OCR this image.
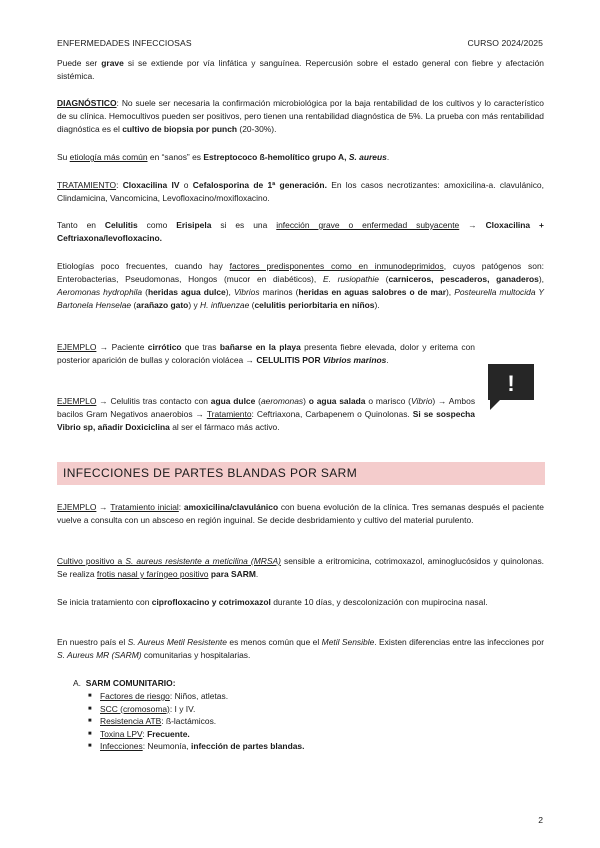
ENFERMEDADES INFECCIOSAS	CURSO 2024/2025
Puede ser grave si se extiende por vía linfática y sanguínea. Repercusión sobre el estado general con fiebre y afectación sistémica.
DIAGNÓSTICO: No suele ser necesaria la confirmación microbiológica por la baja rentabilidad de los cultivos y lo característico de su clínica. Hemocultivos pueden ser positivos, pero tienen una rentabilidad diagnóstica de 5%. La prueba con más rentabilidad diagnóstica es el cultivo de biopsia por punch (20-30%).
Su etiología más común en “sanos” es Estreptococo ß-hemolítico grupo A, S. aureus.
TRATAMIENTO: Cloxacilina IV o Cefalosporina de 1ª generación. En los casos necrotizantes: amoxicilina-a. clavulánico, Clindamicina, Vancomicina, Levofloxacino/moxifloxacino.
Tanto en Celulitis como Erisipela si es una infección grave o enfermedad subyacente → Cloxacilina + Ceftriaxona/levofloxacino.
Etiologías poco frecuentes, cuando hay factores predisponentes como en inmunodeprimidos, cuyos patógenos son: Enterobacterias, Pseudomonas, Hongos (mucor en diabéticos), E. rusiopathie (carniceros, pescaderos, ganaderos), Aeromonas hydrophila (heridas agua dulce), Vibrios marinos (heridas en aguas salobres o de mar), Posteurella multocida Y Bartonela Henselae (arañazo gato) y H. influenzae (celulitis periorbitaria en niños).
EJEMPLO → Paciente cirrótico que tras bañarse en la playa presenta fiebre elevada, dolor y eritema con posterior aparición de bullas y coloración violácea → CELULITIS POR Vibrios marinos.
EJEMPLO → Celulitis tras contacto con agua dulce (aeromonas) o agua salada o marisco (Vibrio) → Ambos bacilos Gram Negativos anaerobios → Tratamiento: Ceftriaxona, Carbapenem o Quinolonas. Si se sospecha Vibrio sp, añadir Doxiciclina al ser el fármaco más activo.
!
INFECCIONES DE PARTES BLANDAS POR SARM
EJEMPLO → Tratamiento inicial: amoxicilina/clavulánico con buena evolución de la clínica. Tres semanas después el paciente vuelve a consulta con un absceso en región inguinal. Se decide desbridamiento y cultivo del material purulento.
Cultivo positivo a S. aureus resistente a meticilina (MRSA) sensible a eritromicina, cotrimoxazol, aminoglucósidos y quinolonas. Se realiza frotis nasal y faríngeo positivo para SARM.
Se inicia tratamiento con ciprofloxacino y cotrimoxazol durante 10 días, y descolonización con mupirocina nasal.
En nuestro país el S. Aureus Metil Resistente es menos común que el Metil Sensible. Existen diferencias entre las infecciones por S. Aureus MR (SARM) comunitarias y hospitalarias.
A. SARM COMUNITARIO:
■ Factores de riesgo: Niños, atletas.
■ SCC (cromosoma): I y IV.
■ Resistencia ATB: ß-lactámicos.
■ Toxina LPV: Frecuente.
■ Infecciones: Neumonía, infección de partes blandas.
2
